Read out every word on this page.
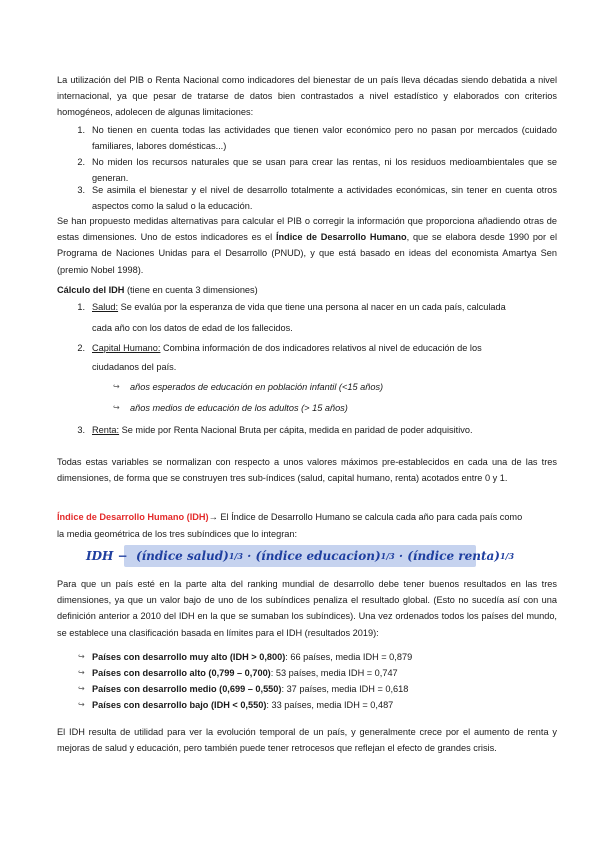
La utilización del PIB o Renta Nacional como indicadores del bienestar de un país lleva décadas siendo debatida a nivel internacional, ya que pesar de tratarse de datos bien contrastados a nivel estadístico y elaborados con criterios homogéneos, adolecen de algunas limitaciones:
1. No tienen en cuenta todas las actividades que tienen valor económico pero no pasan por mercados (cuidado familiares, labores domésticas...)
2. No miden los recursos naturales que se usan para crear las rentas, ni los residuos medioambientales que se generan.
3. Se asimila el bienestar y el nivel de desarrollo totalmente a actividades económicas, sin tener en cuenta otros aspectos como la salud o la educación.
Se han propuesto medidas alternativas para calcular el PIB o corregir la información que proporciona añadiendo otras de estas dimensiones. Uno de estos indicadores es el Índice de Desarrollo Humano, que se elabora desde 1990 por el Programa de Naciones Unidas para el Desarrollo (PNUD), y que está basado en ideas del economista Amartya Sen (premio Nobel 1998).
Cálculo del IDH (tiene en cuenta 3 dimensiones)
1. Salud: Se evalúa por la esperanza de vida que tiene una persona al nacer en un cada país, calculada
cada año con los datos de edad de los fallecidos.
2. Capital Humano: Combina información de dos indicadores relativos al nivel de educación de los
ciudadanos del país.
↪ años esperados de educación en población infantil (<15 años)
↪ años medios de educación de los adultos (> 15 años)
3. Renta: Se mide por Renta Nacional Bruta per cápita, medida en paridad de poder adquisitivo.
Todas estas variables se normalizan con respecto a unos valores máximos pre-establecidos en cada una de las tres dimensiones, de forma que se construyen tres sub-índices (salud, capital humano, renta) acotados entre 0 y 1.
Índice de Desarrollo Humano (IDH)→ El Índice de Desarrollo Humano se calcula cada año para cada país como
la media geométrica de los tres subíndices que lo integran:
IDH −
(índice salud) 1/3
·
(índice educacion) 1/3
·
(índice renta) 1/3
Para que un país esté en la parte alta del ranking mundial de desarrollo debe tener buenos resultados en las tres dimensiones, ya que un valor bajo de uno de los subíndices penaliza el resultado global. (Esto no sucedía así con una definición anterior a 2010 del IDH en la que se sumaban los subíndices). Una vez ordenados todos los países del mundo, se establece una clasificación basada en límites para el IDH (resultados 2019):
↪ Países con desarrollo muy alto (IDH > 0,800): 66 países, media IDH = 0,879
↪ Países con desarrollo alto (0,799 – 0,700): 53 países, media IDH = 0,747
↪ Países con desarrollo medio (0,699 – 0,550): 37 países, media IDH = 0,618
↪ Países con desarrollo bajo (IDH < 0,550): 33 países, media IDH = 0,487
El IDH resulta de utilidad para ver la evolución temporal de un país, y generalmente crece por el aumento de renta y mejoras de salud y educación, pero también puede tener retrocesos que reflejan el efecto de grandes crisis.
